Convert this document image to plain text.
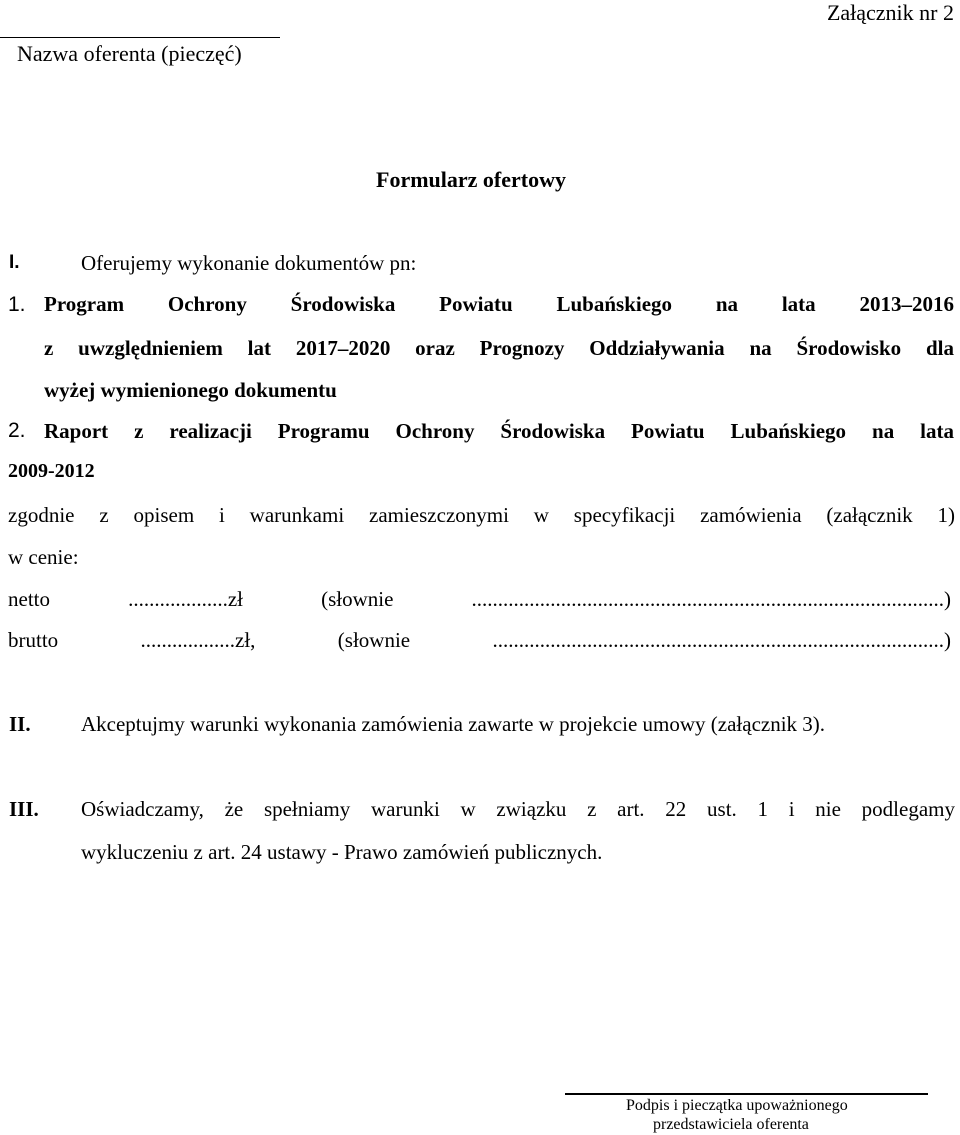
Załącznik nr 2
Nazwa oferenta (pieczęć)
Formularz ofertowy
I.	Oferujemy wykonanie dokumentów pn:
1. Program Ochrony Środowiska Powiatu Lubańskiego na lata 2013–2016
z uwzględnieniem lat 2017–2020 oraz Prognozy Oddziaływania na Środowisko dla
wyżej wymienionego dokumentu
2. Raport z realizacji Programu Ochrony Środowiska Powiatu Lubańskiego na lata
2009-2012
zgodnie z opisem i warunkami zamieszczonymi w specyfikacji zamówienia (załącznik 1)
w cenie:
netto ...................zł (słownie ..........................................................................................)
brutto ..................zł, (słownie ......................................................................................)
II. Akceptujmy warunki wykonania zamówienia zawarte w projekcie umowy (załącznik 3).
III. Oświadczamy, że spełniamy warunki w związku z art. 22 ust. 1 i nie podlegamy
wykluczeniu z art. 24 ustawy - Prawo zamówień publicznych.
Podpis i pieczątka upoważnionego
przedstawiciela oferenta
